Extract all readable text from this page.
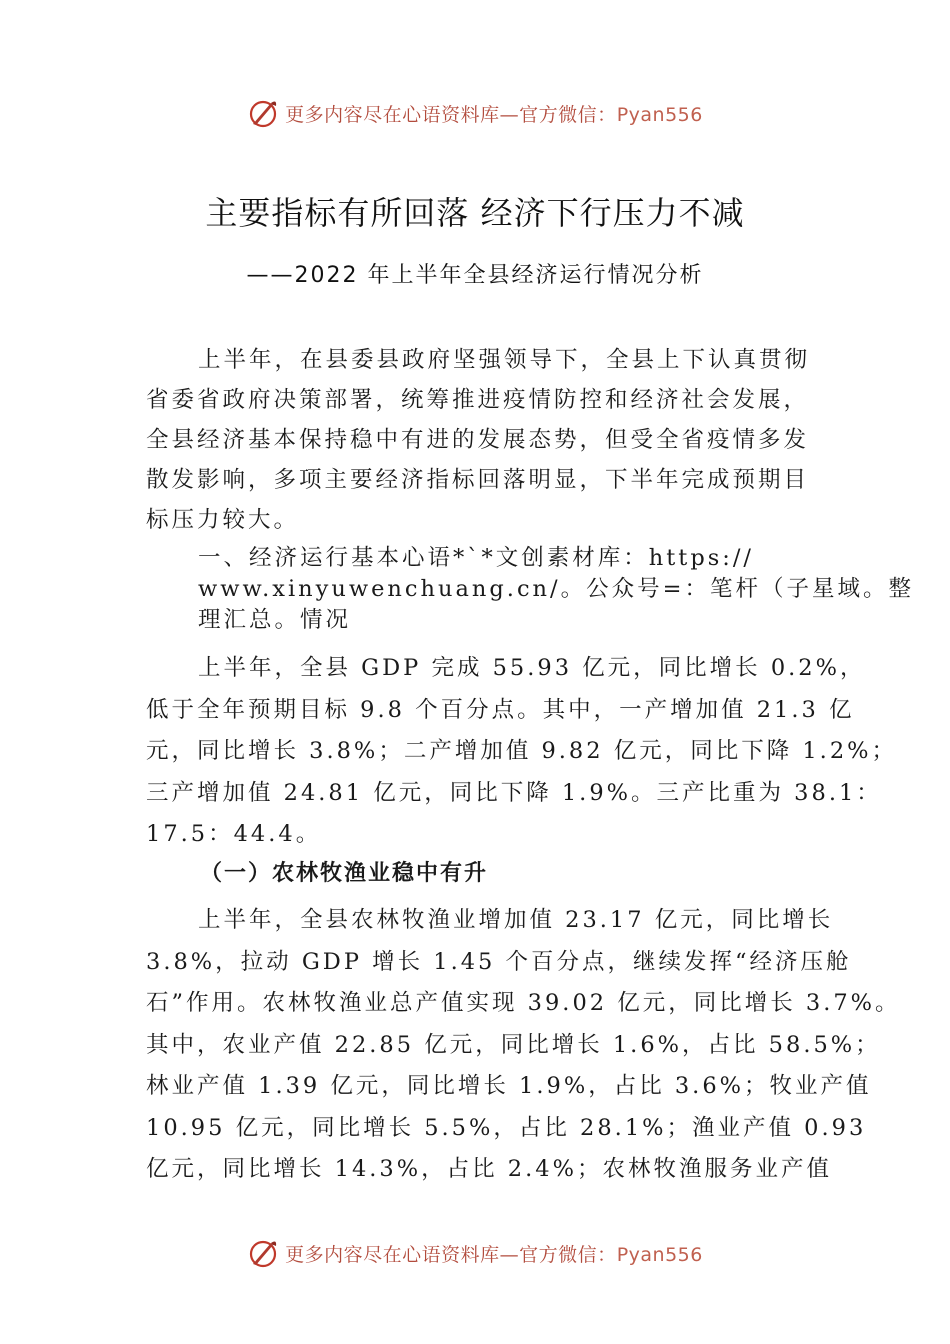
更多内容尽在心语资料库—官方微信：Pyan556
主要指标有所回落 经济下行压力不减
——2022 年上半年全县经济运行情况分析
上半年，在县委县政府坚强领导下，全县上下认真贯彻
省委省政府决策部署，统筹推进疫情防控和经济社会发展，
全县经济基本保持稳中有进的发展态势，但受全省疫情多发
散发影响，多项主要经济指标回落明显，下半年完成预期目
标压力较大。
一、经济运行基本心语*`*文创素材库：https://
www.xinyuwenchuang.cn/。公众号=：笔杆（子星域。整
理汇总。情况
上半年，全县 GDP 完成 55.93 亿元，同比增长 0.2%，
低于全年预期目标 9.8 个百分点。其中，一产增加值 21.3 亿
元，同比增长 3.8%；二产增加值 9.82 亿元，同比下降 1.2%；
三产增加值 24.81 亿元，同比下降 1.9%。三产比重为 38.1：
17.5：44.4。
（一）农林牧渔业稳中有升
上半年，全县农林牧渔业增加值 23.17 亿元，同比增长
3.8%，拉动 GDP 增长 1.45 个百分点，继续发挥“经济压舱
石”作用。农林牧渔业总产值实现 39.02 亿元，同比增长 3.7%。
其中，农业产值 22.85 亿元，同比增长 1.6%，占比 58.5%；
林业产值 1.39 亿元，同比增长 1.9%，占比 3.6%；牧业产值
10.95 亿元，同比增长 5.5%，占比 28.1%；渔业产值 0.93
亿元，同比增长 14.3%，占比 2.4%；农林牧渔服务业产值
更多内容尽在心语资料库—官方微信：Pyan556
